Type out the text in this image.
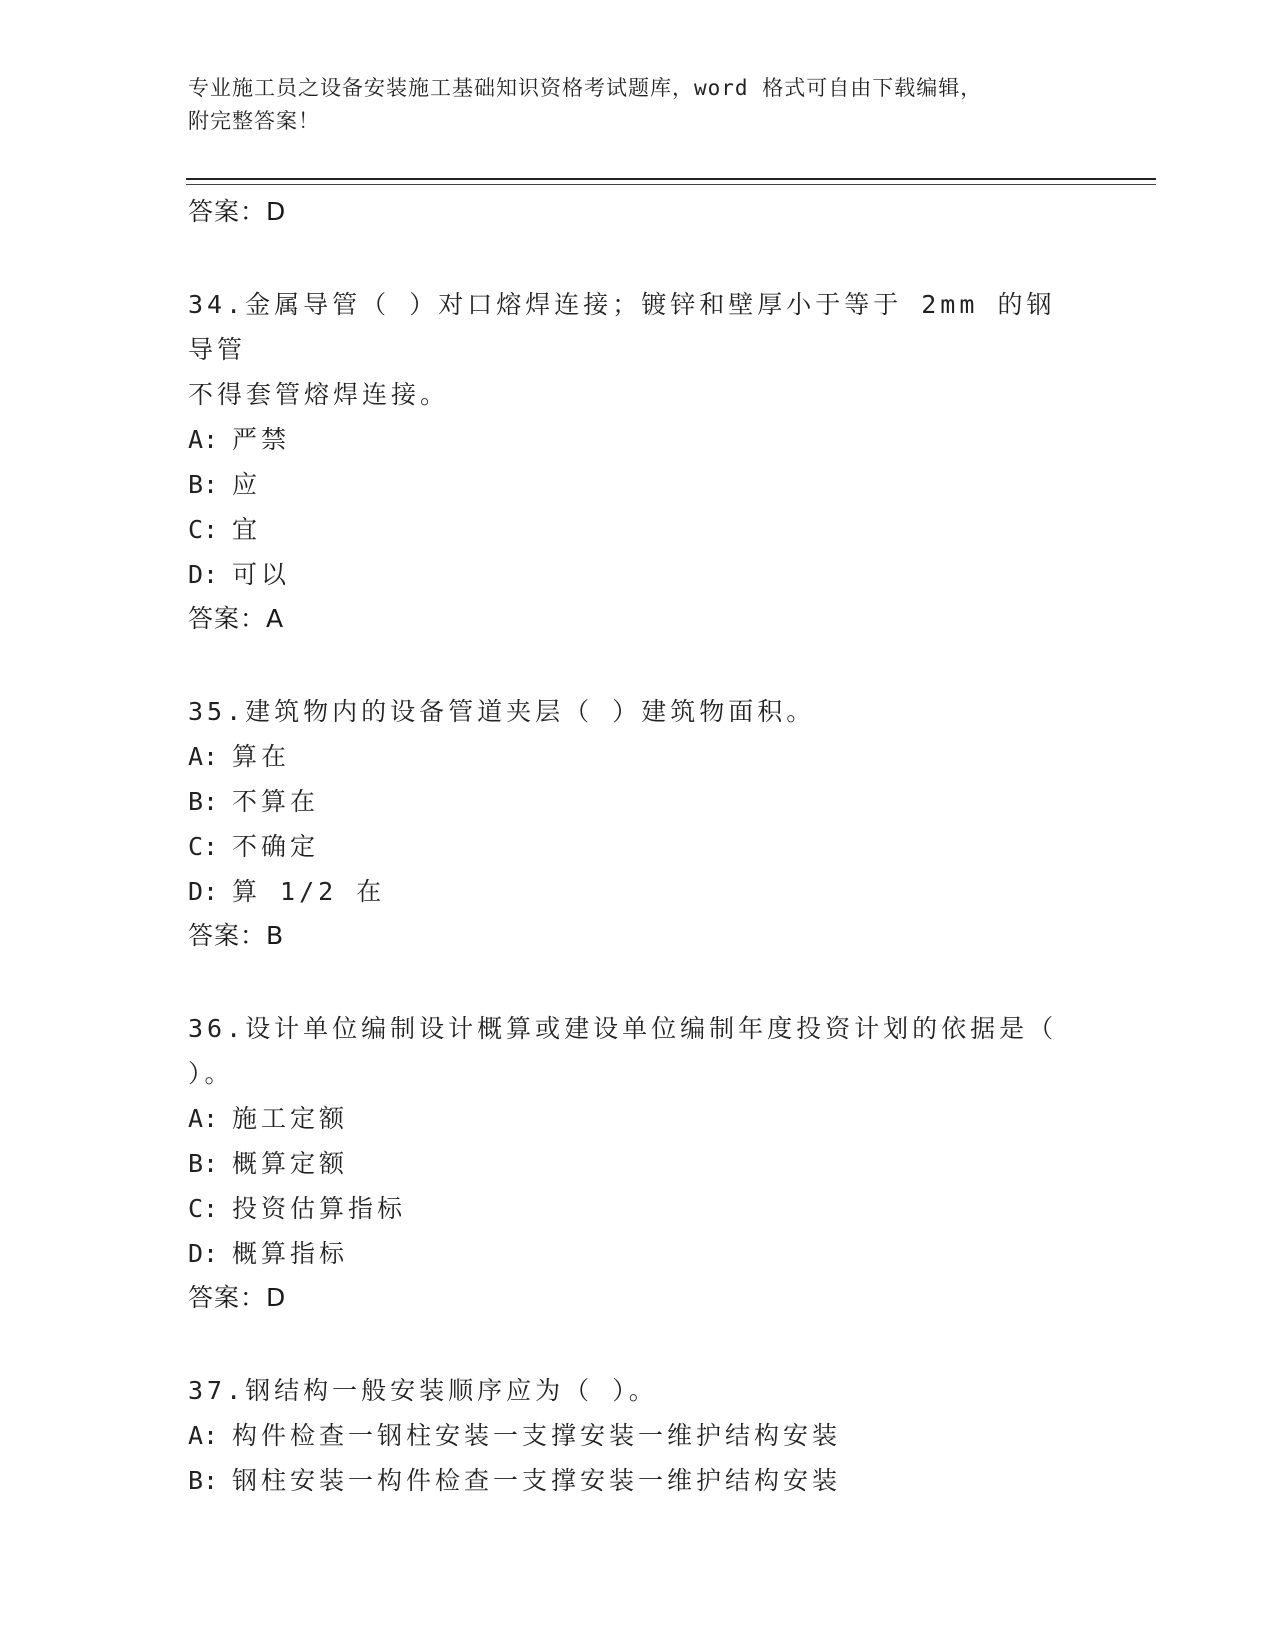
专业施工员之设备安装施工基础知识资格考试题库，word 格式可自由下载编辑，
附完整答案！
答案：D
34.金属导管（ ）对口熔焊连接；镀锌和壁厚小于等于 2mm 的钢导管
不得套管熔焊连接。
A: 严禁
B: 应
C: 宜
D: 可以
答案：A
35.建筑物内的设备管道夹层（ ）建筑物面积。
A: 算在
B: 不算在
C: 不确定
D: 算 1/2 在
答案：B
36.设计单位编制设计概算或建设单位编制年度投资计划的依据是（
）。
A: 施工定额
B: 概算定额
C: 投资估算指标
D: 概算指标
答案：D
37.钢结构一般安装顺序应为（ ）。
A: 构件检查一钢柱安装一支撑安装一维护结构安装
B: 钢柱安装一构件检查一支撑安装一维护结构安装
